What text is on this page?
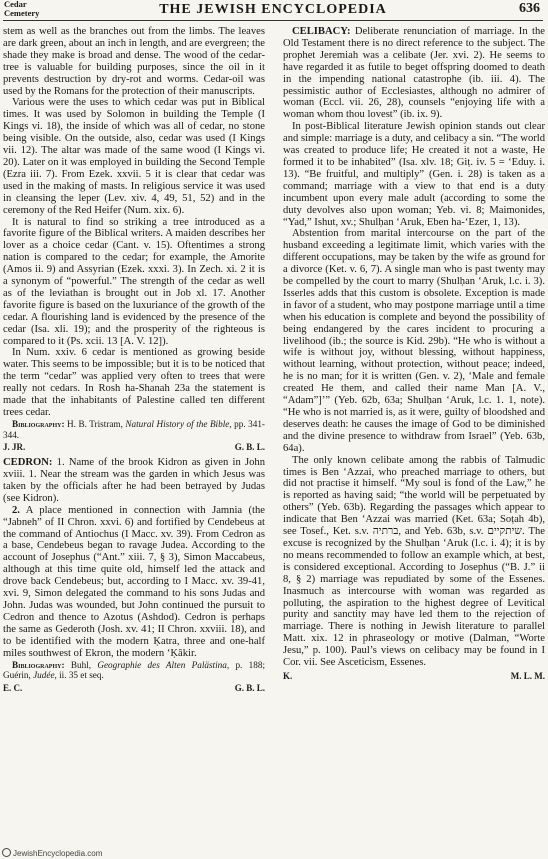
Cedar
Cemetery	THE JEWISH ENCYCLOPEDIA	636

stem as well as the branches out from the limbs. The leaves are dark green, about an inch in length, and are evergreen; the shade they make is broad and dense. The wood of the cedar-tree is valuable for building purposes, since the oil in it prevents destruction by dry-rot and worms. Cedar-oil was used by the Romans for the protection of their manuscripts.

Various were the uses to which cedar was put in Biblical times. It was used by Solomon in building the Temple (I Kings vi. 18), the inside of which was all of cedar, no stone being visible. On the outside, also, cedar was used (I Kings vii. 12). The altar was made of the same wood (I Kings vi. 20). Later on it was employed in building the Second Temple (Ezra iii. 7). From Ezek. xxvii. 5 it is clear that cedar was used in the making of masts. In religious service it was used in cleansing the leper (Lev. xiv. 4, 49, 51, 52) and in the ceremony of the Red Heifer (Num. xix. 6).

It is natural to find so striking a tree introduced as a favorite figure of the Biblical writers. A maiden describes her lover as a choice cedar (Cant. v. 15). Oftentimes a strong nation is compared to the cedar; for example, the Amorite (Amos ii. 9) and Assyrian (Ezek. xxxi. 3). In Zech. xi. 2 it is a synonym of “powerful.” The strength of the cedar as well as of the leviathan is brought out in Job xl. 17. Another favorite figure is based on the luxuriance of the growth of the cedar. A flourishing land is evidenced by the presence of the cedar (Isa. xli. 19); and the prosperity of the righteous is compared to it (Ps. xcii. 13 [A. V. 12]).

In Num. xxiv. 6 cedar is mentioned as growing beside water. This seems to be impossible; but it is to be noticed that the term “cedar” was applied very often to trees that were really not cedars. In Rosh ha-Shanah 23a the statement is made that the inhabitants of Palestine called ten different trees cedar.

Bibliography: H. B. Tristram, Natural History of the Bible, pp. 341-344.

J. JR.	G. B. L.

CEDRON: 1. Name of the brook Kidron as given in John xviii. 1. Near the stream was the garden in which Jesus was taken by the officials after he had been betrayed by Judas (see Kidron).

2. A place mentioned in connection with Jamnia (the “Jabneh” of II Chron. xxvi. 6) and fortified by Cendebeus at the command of Antiochus (I Macc. xv. 39). From Cedron as a base, Cendebeus began to ravage Judea. According to the account of Josephus (“Ant.” xiii. 7, § 3), Simon Maccabeus, although at this time quite old, himself led the attack and drove back Cendebeus; but, according to I Macc. xv. 39-41, xvi. 9, Simon delegated the command to his sons Judas and John. Judas was wounded, but John continued the pursuit to Cedron and thence to Azotus (Ashdod). Cedron is perhaps the same as Gederoth (Josh. xv. 41; II Chron. xxviii. 18), and to be identified with the modern Ḳatra, three and one-half miles southwest of Ekron, the modern ‘Ḳâkir.

Bibliography: Buhl, Geographie des Alten Palästina, p. 188; Guérin, Judée, ii. 35 et seq.

E. C.	G. B. L.

CELIBACY: Deliberate renunciation of marriage. In the Old Testament there is no direct reference to the subject. The prophet Jeremiah was a celibate (Jer. xvi. 2). He seems to have regarded it as futile to beget offspring doomed to death in the impending national catastrophe (ib. iii. 4). The pessimistic author of Ecclesiastes, although no admirer of woman (Eccl. vii. 26, 28), counsels “enjoying life with a woman whom thou lovest” (ib. ix. 9).

In post-Biblical literature Jewish opinion stands out clear and simple: marriage is a duty, and celibacy a sin. “The world was created to produce life; He created it not a waste, He formed it to be inhabited” (Isa. xlv. 18; Giṭ. iv. 5 = ‘Eduy. i. 13). “Be fruitful, and multiply” (Gen. i. 28) is taken as a command; marriage with a view to that end is a duty incumbent upon every male adult (according to some the duty devolves also upon woman; Yeb. vi. 8; Maimonides, “Yad,” Ishut, xv.; Shulḥan ‘Aruk, Eben ha-‘Ezer, 1, 13).

Abstention from marital intercourse on the part of the husband exceeding a legitimate limit, which varies with the different occupations, may be taken by the wife as ground for a divorce (Ket. v. 6, 7). A single man who is past twenty may be compelled by the court to marry (Shulḥan ‘Aruk, l.c. i. 3). Isserles adds that this custom is obsolete. Exception is made in favor of a student, who may postpone marriage until a time when his education is complete and beyond the possibility of being endangered by the cares incident to procuring a livelihood (ib.; the source is Kid. 29b). “He who is without a wife is without joy, without blessing, without happiness, without learning, without protection, without peace; indeed, he is no man; for it is written (Gen. v. 2), ‘Male and female created He them, and called their name Man [A. V., “Adam”]’” (Yeb. 62b, 63a; Shulḥan ‘Aruk, l.c. 1. 1, note). “He who is not married is, as it were, guilty of bloodshed and deserves death: he causes the image of God to be diminished and the divine presence to withdraw from Israel” (Yeb. 63b, 64a).

The only known celibate among the rabbis of Talmudic times is Ben ‘Azzai, who preached marriage to others, but did not practise it himself. “My soul is fond of the Law,” he is reported as having said; “the world will be perpetuated by others” (Yeb. 63b). Regarding the passages which appear to indicate that Ben ‘Azzai was married (Ket. 63a; Soṭah 4b), see Tosef., Ket. s.v. ברתיה, and Yeb. 63b, s.v. שיתקיים. The excuse is recognized by the Shulḥan ‘Aruk (l.c. i. 4); it is by no means recommended to follow an example which, at best, is considered exceptional. According to Josephus (“B. J.” ii 8, § 2) marriage was repudiated by some of the Essenes. Inasmuch as intercourse with woman was regarded as polluting, the aspiration to the highest degree of Levitical purity and sanctity may have led them to the rejection of marriage. There is nothing in Jewish literature to parallel Matt. xix. 12 in phraseology or motive (Dalman, “Worte Jesu,” p. 100). Paul’s views on celibacy may be found in I Cor. vii. See Asceticism, Essenes.

K.	M. L. M.
JewishEncyclopedia.com
